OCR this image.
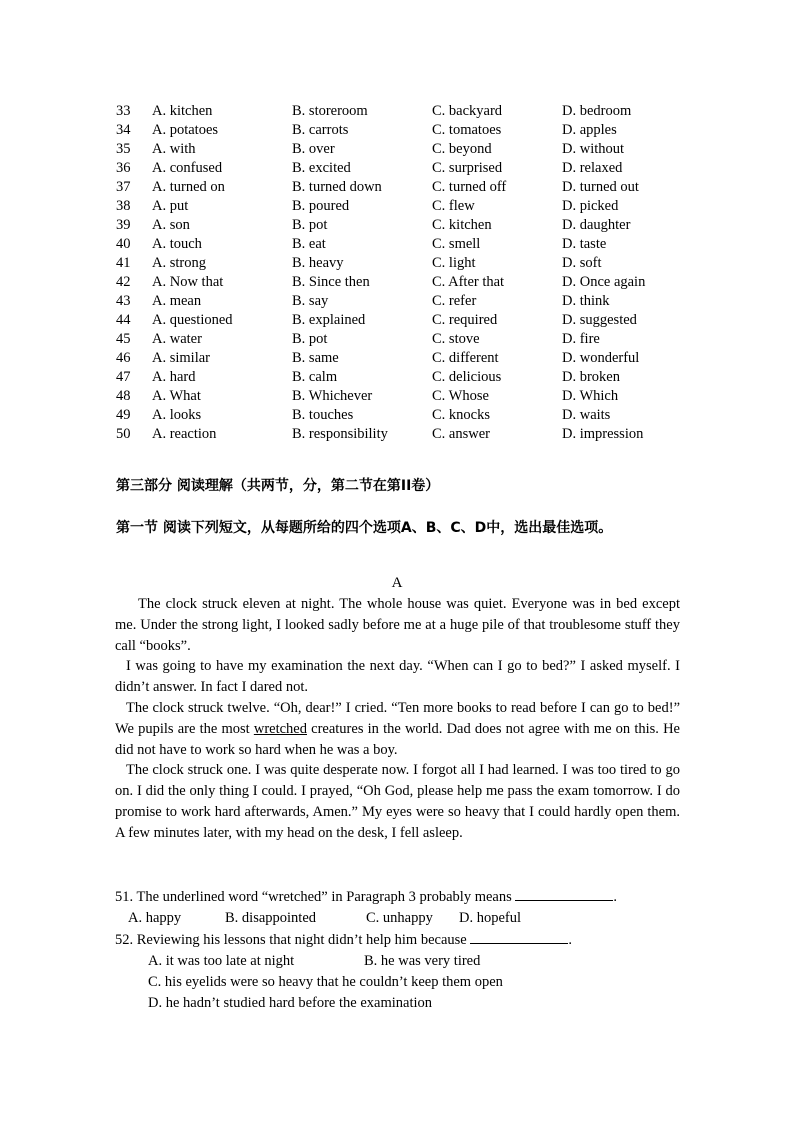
33	A. kitchen	B. storeroom	C. backyard	D. bedroom
34	A. potatoes	B. carrots	C. tomatoes	D. apples
35	A. with	B. over	C. beyond	D. without
36	A. confused	B. excited	C. surprised	D. relaxed
37	A. turned on	B. turned down	C. turned off	D. turned out
38	A. put	B. poured	C. flew	D. picked
39	A. son	B. pot	C. kitchen	D. daughter
40	A. touch	B. eat	C. smell	D. taste
41	A. strong	B. heavy	C. light	D. soft
42	A. Now that	B. Since then	C. After that	D. Once again
43	A. mean	B. say	C. refer	D. think
44	A. questioned	B. explained	C. required	D. suggested
45	A. water	B. pot	C. stove	D. fire
46	A. similar	B. same	C. different	D. wonderful
47	A. hard	B. calm	C. delicious	D. broken
48	A. What	B. Whichever	C. Whose	D. Which
49	A. looks	B. touches	C. knocks	D. waits
50	A. reaction	B. responsibility	C. answer	D. impression
第三部分 阅读理解（共两节，分，第二节在第II卷）
第一节 阅读下列短文，从每题所给的四个选项A、B、C、D中，选出最佳选项。
A

The clock struck eleven at night. The whole house was quiet. Everyone was in bed except me. Under the strong light, I looked sadly before me at a huge pile of that troublesome stuff they call “books”.

I was going to have my examination the next day. “When can I go to bed?” I asked myself. I didn’t answer. In fact I dared not.

The clock struck twelve. “Oh, dear!” I cried. “Ten more books to read before I can go to bed!” We pupils are the most wretched creatures in the world. Dad does not agree with me on this. He did not have to work so hard when he was a boy.

The clock struck one. I was quite desperate now. I forgot all I had learned. I was too tired to go on. I did the only thing I could. I prayed, “Oh God, please help me pass the exam tomorrow. I do promise to work hard afterwards, Amen.” My eyes were so heavy that I could hardly open them. A few minutes later, with my head on the desk, I fell asleep.

51. The underlined word “wretched” in Paragraph 3 probably means	.
A. happy	B. disappointed	C. unhappy D. hopeful
52. Reviewing his lessons that night didn’t help him because	.
A. it was too late at night	B. he was very tired
C. his eyelids were so heavy that he couldn’t keep them open
D. he hadn’t studied hard before the examination
